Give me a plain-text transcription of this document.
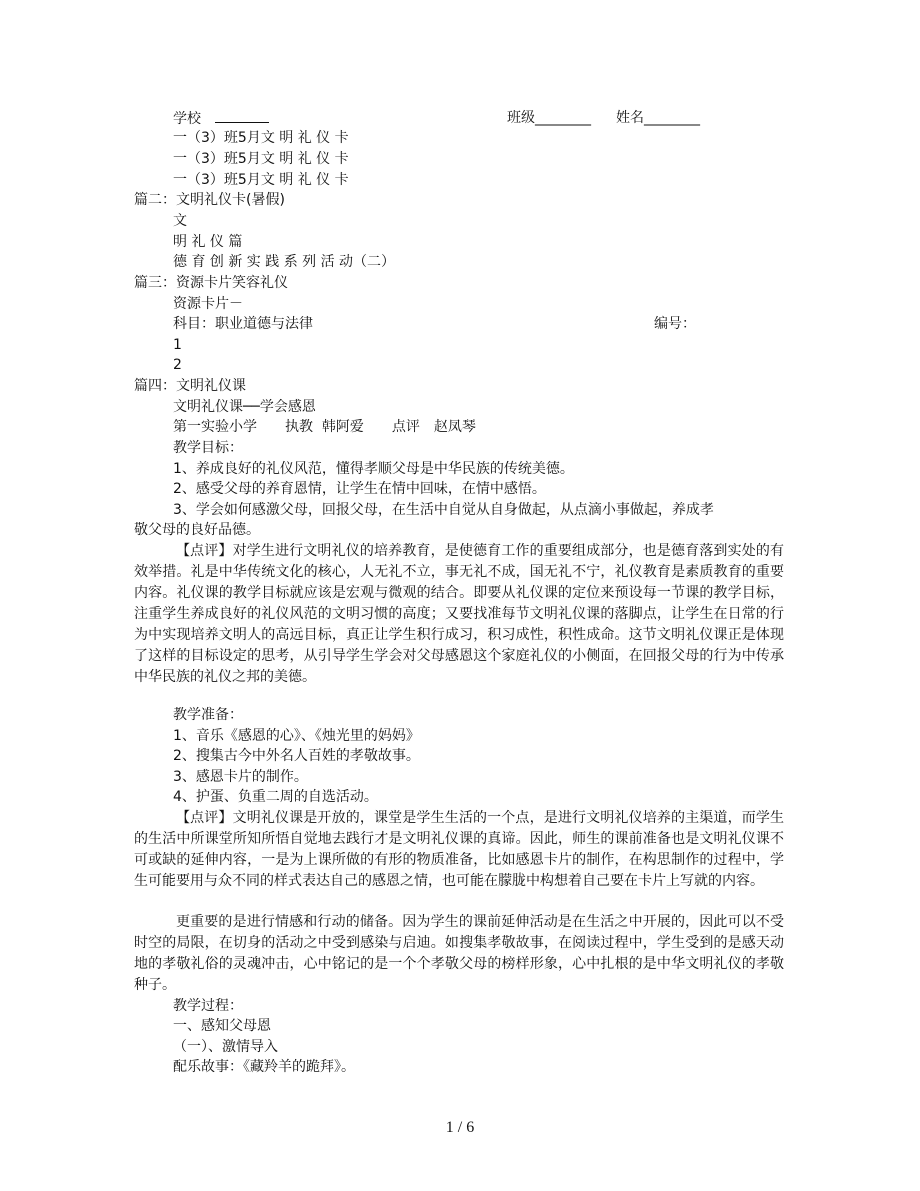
学校	班级________ 姓名________
一（3）班5月文 明 礼 仪 卡
一（3）班5月文 明 礼 仪 卡
一（3）班5月文 明 礼 仪 卡
篇二：文明礼仪卡(暑假)
文
明 礼 仪 篇
德 育 创 新 实 践 系 列 活 动（二）
篇三：资源卡片笑容礼仪
资源卡片－
科目：职业道德与法律	编号：
1
2
篇四：文明礼仪课
文明礼仪课──学会感恩
第一实验小学　　执教  韩阿爱　　点评　赵凤琴
教学目标：
1、养成良好的礼仪风范，懂得孝顺父母是中华民族的传统美德。
2、感受父母的养育恩情，让学生在情中回味，在情中感悟。
3、学会如何感激父母，回报父母，在生活中自觉从自身做起，从点滴小事做起，养成孝
敬父母的良好品德。
【点评】对学生进行文明礼仪的培养教育，是使德育工作的重要组成部分，也是德育落到实处的有效举措。礼是中华传统文化的核心，人无礼不立，事无礼不成，国无礼不宁，礼仪教育是素质教育的重要内容。礼仪课的教学目标就应该是宏观与微观的结合。即要从礼仪课的定位来预设每一节课的教学目标，注重学生养成良好的礼仪风范的文明习惯的高度；又要找准每节文明礼仪课的落脚点，让学生在日常的行为中实现培养文明人的高远目标，真正让学生积行成习，积习成性，积性成命。这节文明礼仪课正是体现了这样的目标设定的思考，从引导学生学会对父母感恩这个家庭礼仪的小侧面，在回报父母的行为中传承中华民族的礼仪之邦的美德。
教学准备：
1、音乐《感恩的心》、《烛光里的妈妈》
2、搜集古今中外名人百姓的孝敬故事。
3、感恩卡片的制作。
4、护蛋、负重二周的自选活动。
【点评】文明礼仪课是开放的，课堂是学生生活的一个点，是进行文明礼仪培养的主渠道，而学生的生活中所课堂所知所悟自觉地去践行才是文明礼仪课的真谛。因此，师生的课前准备也是文明礼仪课不可或缺的延伸内容，一是为上课所做的有形的物质准备，比如感恩卡片的制作，在构思制作的过程中，学生可能要用与众不同的样式表达自己的感恩之情，也可能在朦胧中构想着自己要在卡片上写就的内容。
更重要的是进行情感和行动的储备。因为学生的课前延伸活动是在生活之中开展的，因此可以不受时空的局限，在切身的活动之中受到感染与启迪。如搜集孝敬故事，在阅读过程中，学生受到的是感天动地的孝敬礼俗的灵魂冲击，心中铭记的是一个个孝敬父母的榜样形象，心中扎根的是中华文明礼仪的孝敬种子。
教学过程：
一、感知父母恩
（一）、激情导入
配乐故事：《藏羚羊的跪拜》。
1 / 6
